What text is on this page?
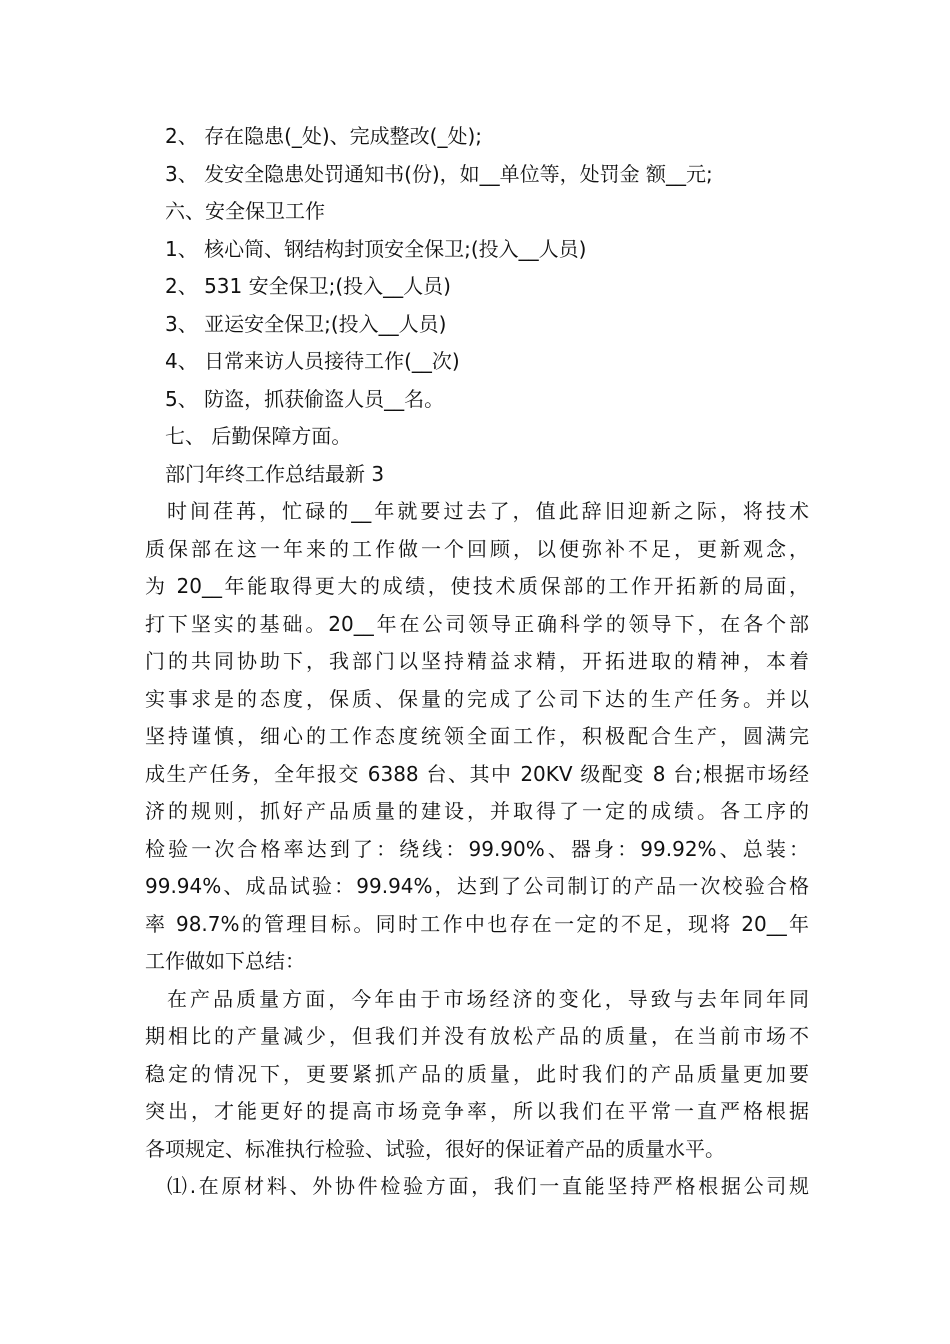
2、 存在隐患(_处)、完成整改(_处);
3、 发安全隐患处罚通知书(份)，如__单位等，处罚金 额__元;
六、安全保卫工作
1、 核心筒、钢结构封顶安全保卫;(投入__人员)
2、 531 安全保卫;(投入__人员)
3、 亚运安全保卫;(投入__人员)
4、 日常来访人员接待工作(__次)
5、 防盗，抓获偷盗人员__名。
七、 后勤保障方面。
部门年终工作总结最新 3
时间荏苒，忙碌的__年就要过去了，值此辞旧迎新之际，将技术
质保部在这一年来的工作做一个回顾，以便弥补不足，更新观念，
为 20__年能取得更大的成绩，使技术质保部的工作开拓新的局面，
打下坚实的基础。20__年在公司领导正确科学的领导下，在各个部
门的共同协助下，我部门以坚持精益求精，开拓进取的精神，本着
实事求是的态度，保质、保量的完成了公司下达的生产任务。并以
坚持谨慎，细心的工作态度统领全面工作，积极配合生产，圆满完
成生产任务，全年报交 6388 台、其中 20KV 级配变 8 台;根据市场经
济的规则，抓好产品质量的建设，并取得了一定的成绩。各工序的
检验一次合格率达到了：绕线：99.90%、器身：99.92%、总装：
99.94%、成品试验：99.94%，达到了公司制订的产品一次校验合格
率 98.7%的管理目标。同时工作中也存在一定的不足，现将 20__年
工作做如下总结：
在产品质量方面，今年由于市场经济的变化，导致与去年同年同
期相比的产量减少，但我们并没有放松产品的质量，在当前市场不
稳定的情况下，更要紧抓产品的质量，此时我们的产品质量更加要
突出，才能更好的提高市场竞争率，所以我们在平常一直严格根据
各项规定、标准执行检验、试验，很好的保证着产品的质量水平。
⑴.在原材料、外协件检验方面，我们一直能坚持严格根据公司规
